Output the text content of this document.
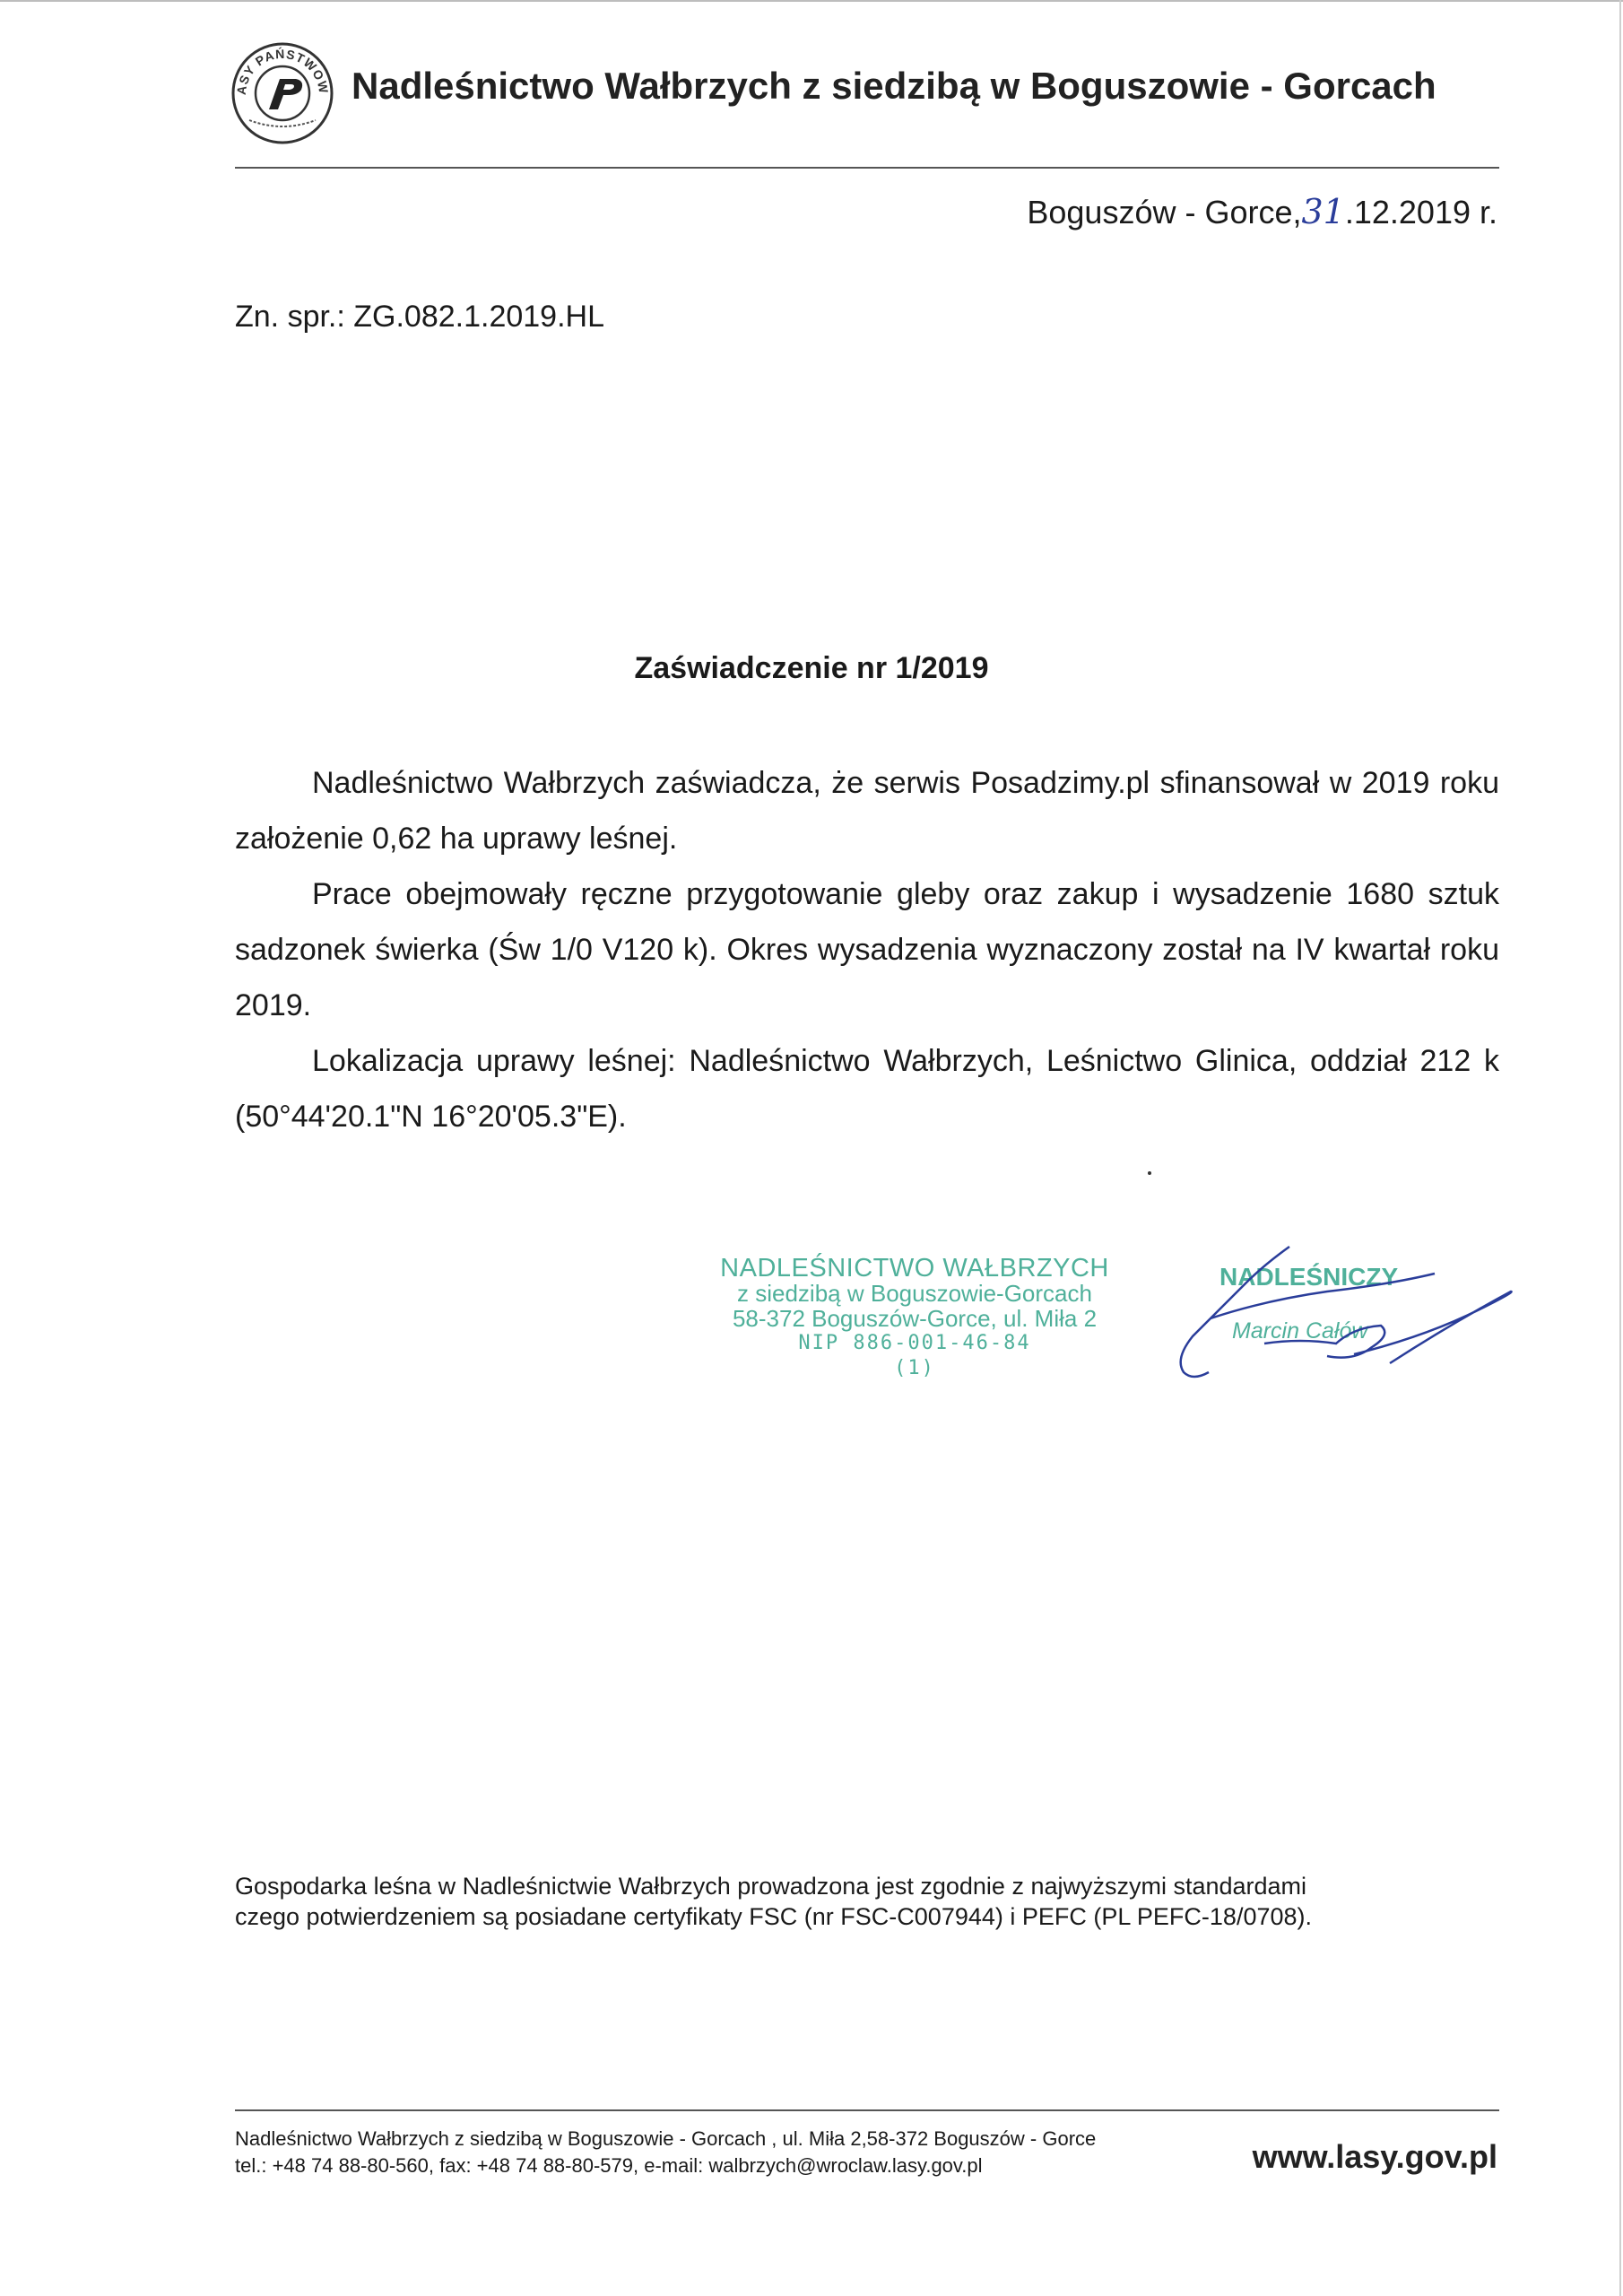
ASY PAŃSTWOW Nadleśnictwo Wałbrzych z siedzibą w Boguszowie - Gorcach
Boguszów - Gorce,31.12.2019 r.
Zn. spr.: ZG.082.1.2019.HL
Zaświadczenie nr 1/2019

Nadleśnictwo Wałbrzych zaświadcza, że serwis Posadzimy.pl sfinansował w 2019 roku założenie 0,62 ha uprawy leśnej.

Prace obejmowały ręczne przygotowanie gleby oraz zakup i wysadzenie 1680 sztuk sadzonek świerka (Św 1/0 V120 k). Okres wysadzenia wyznaczony został na IV kwartał roku 2019.

Lokalizacja uprawy leśnej: Nadleśnictwo Wałbrzych, Leśnictwo Glinica, oddział 212 k (50°44'20.1"N 16°20'05.3"E).

NADLEŚNICTWO WAŁBRZYCH
z siedzibą w Boguszowie-Gorcach
58-372 Boguszów-Gorce, ul. Miła 2
NIP 886-001-46-84
(1)
NADLEŚNICZY
Marcin Całów
Gospodarka leśna w Nadleśnictwie Wałbrzych prowadzona jest zgodnie z najwyższymi standardami
czego potwierdzeniem są posiadane certyfikaty FSC (nr FSC-C007944) i PEFC (PL PEFC-18/0708).
Nadleśnictwo Wałbrzych z siedzibą w Boguszowie - Gorcach , ul. Miła 2,58-372 Boguszów - Gorce
tel.: +48 74 88-80-560, fax: +48 74 88-80-579, e-mail: walbrzych@wroclaw.lasy.gov.pl	www.lasy.gov.pl
